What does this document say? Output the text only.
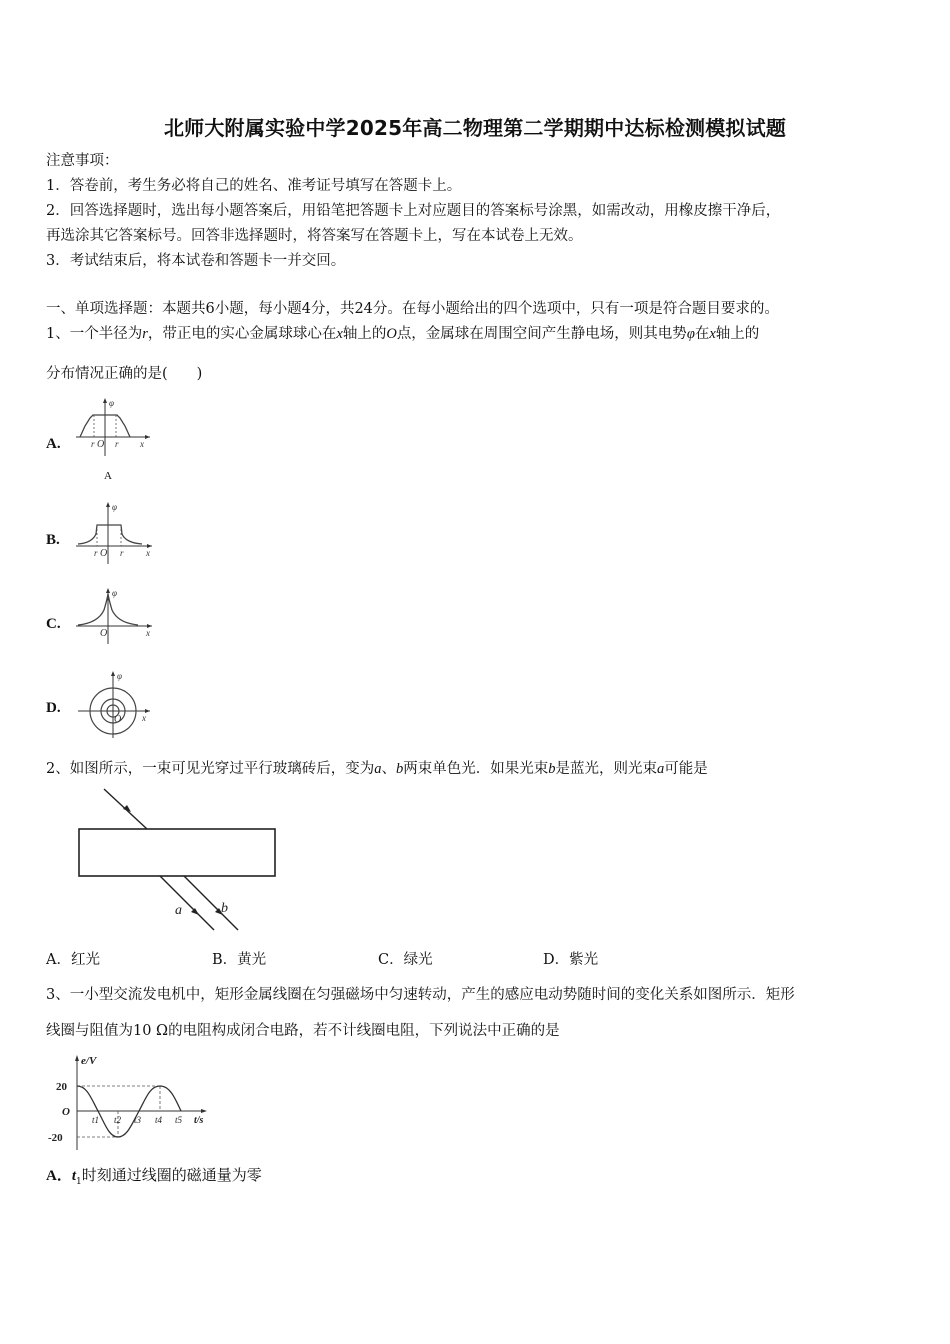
北师大附属实验中学2025年高二物理第二学期期中达标检测模拟试题
注意事项：
1．答卷前，考生务必将自己的姓名、准考证号填写在答题卡上。
2．回答选择题时，选出每小题答案后，用铅笔把答题卡上对应题目的答案标号涂黑，如需改动，用橡皮擦干净后，
再选涂其它答案标号。回答非选择题时，将答案写在答题卡上，写在本试卷上无效。
3．考试结束后，将本试卷和答题卡一并交回。
一、单项选择题：本题共6小题，每小题4分，共24分。在每小题给出的四个选项中，只有一项是符合题目要求的。
1、一个半径为r，带正电的实心金属球球心在x轴上的O点，金属球在周围空间产生静电场，则其电势φ在x轴上的
分布情况正确的是(　　)
A.
φ
r O r x
A
B.
φ
r O r x
C.
φ
O	x
D.
φ
O x
2、如图所示，一束可见光穿过平行玻璃砖后，变为a、b两束单色光．如果光束b是蓝光，则光束a可能是
a	b
A．红光	B．黄光	C．绿光	D．紫光
3、一小型交流发电机中，矩形金属线圈在匀强磁场中匀速转动，产生的感应电动势随时间的变化关系如图所示．矩形
线圈与阻值为10 Ω的电阻构成闭合电路，若不计线圈电阻，下列说法中正确的是
e/V
20
O
-20
t1 t2 t3 t4 t5 t/s
A．$t_1$时刻通过线圈的磁通量为零
